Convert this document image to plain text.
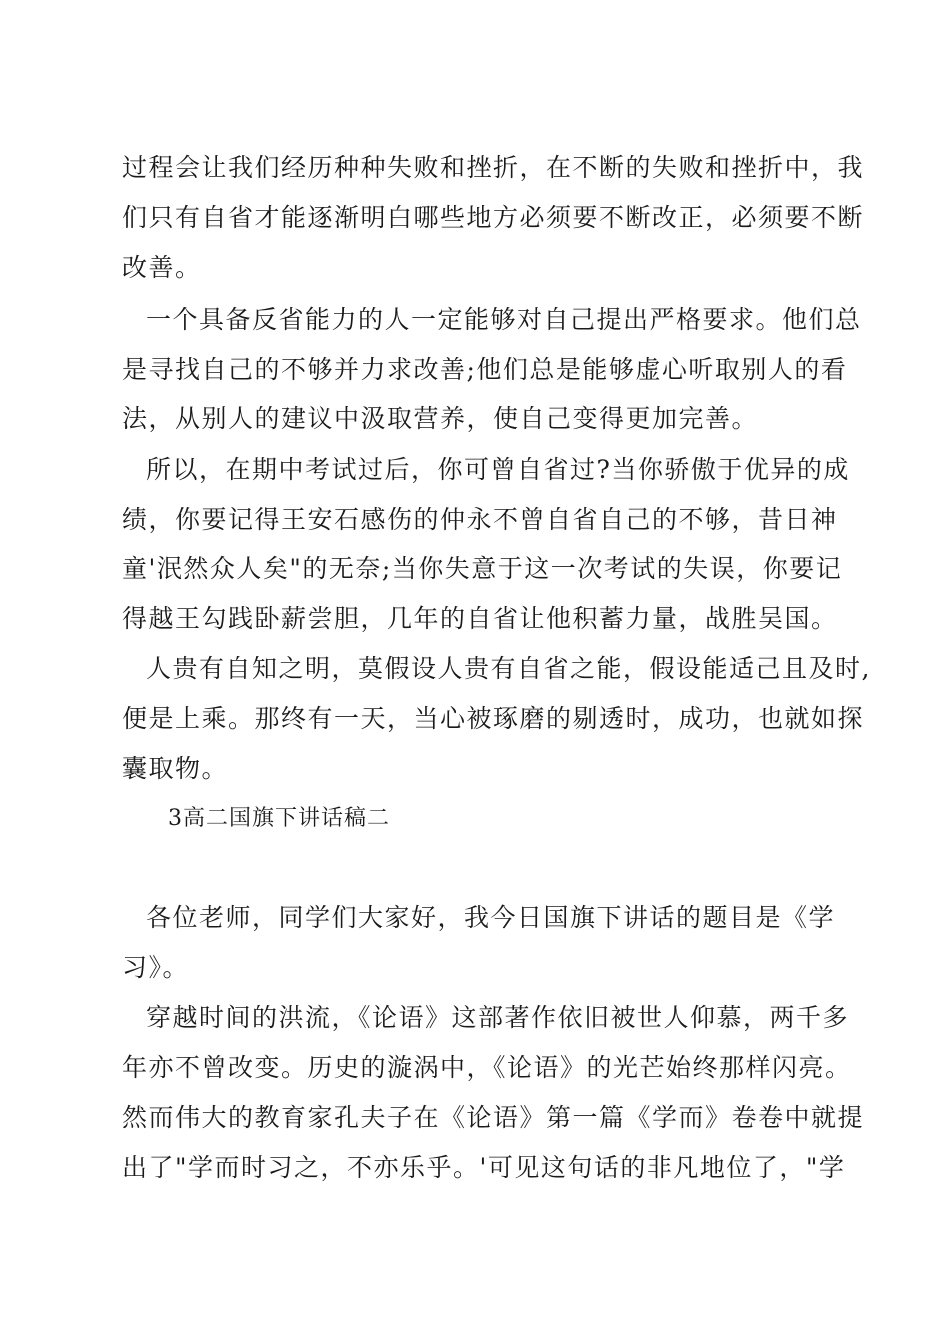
过程会让我们经历种种失败和挫折，在不断的失败和挫折中，我
们只有自省才能逐渐明白哪些地方必须要不断改正，必须要不断
改善。
一个具备反省能力的人一定能够对自己提出严格要求。他们总
是寻找自己的不够并力求改善;他们总是能够虚心听取别人的看
法，从别人的建议中汲取营养，使自己变得更加完善。
所以，在期中考试过后，你可曾自省过?当你骄傲于优异的成
绩，你要记得王安石感伤的仲永不曾自省自己的不够，昔日神
童'泯然众人矣"的无奈;当你失意于这一次考试的失误，你要记
得越王勾践卧薪尝胆，几年的自省让他积蓄力量，战胜吴国。
人贵有自知之明，莫假设人贵有自省之能，假设能适己且及时,
便是上乘。那终有一天，当心被琢磨的剔透时，成功，也就如探
囊取物。
3高二国旗下讲话稿二
各位老师，同学们大家好，我今日国旗下讲话的题目是《学
习》。
穿越时间的洪流，《论语》这部著作依旧被世人仰慕，两千多
年亦不曾改变。历史的漩涡中，《论语》的光芒始终那样闪亮。
然而伟大的教育家孔夫子在《论语》第一篇《学而》卷卷中就提
出了"学而时习之，不亦乐乎。'可见这句话的非凡地位了，"学
